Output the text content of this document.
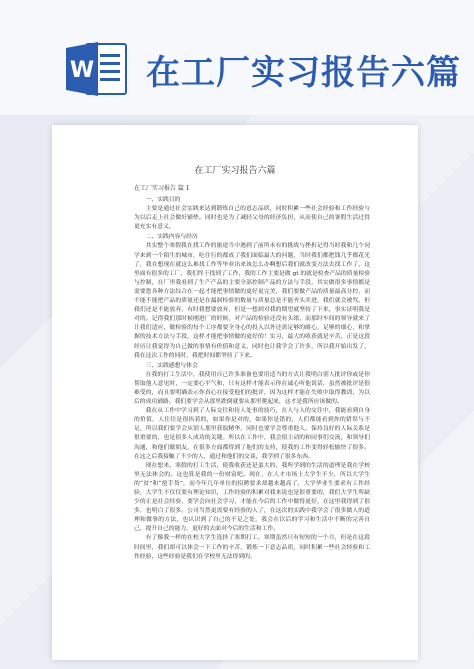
W 在工厂实习报告六篇
在工厂实习报告六篇
在工厂实习报告 篇 1

一、实践目的

主要是通过社会实践来达到锻炼自己的意志品质，同时积累一些社会经验和工作经验与为以后走上社会做好铺垫。同时也是为了减轻父母的经济负担，从而使自己的暑假生活过得更充实有意义。

二、实践内容与经历

其实整个寒假我在找工作的旅途当中遇到了前所未有的挑战与挫折记得当时我和几个同学来到一个陌生的城市，吃住行的都成了我们面临最大的问题，当时我们都把钱几乎都花光了，我在想现在就这么难找工作等毕业出来该怎么办啊想后我们就改变方法去找工作了，这里面有很多的工厂，我们终于找到了工作，我的工作主要是做 gt 的就是检查产品的质量检验与控制，在厂里我看到了生产产品的主要全部控制产品的方法与手段，其实做很多事情都是需要您各种方法综合在一起才能把事情做的更好更完美，我们要做产品的质量最高分控，而不能不能把产品的质量还是在漏洞检验的数量与质量总是不能齐头并进，我们就会被骂，但我们还是不能放弃，有时我想要放弃，但是一想到对我的期望就坚持了下来，事实证明我是对的。记得我们那时候刚进厂的时候，对产品的检验还没有头绪，而那时车间的领导就来了让我们适应，做检验的每个工序都要全身心的投入以外还需足够的耐心，足够的细心，和掌握的技术方法与手段，这样才能把事情做的更好的！实习，最大的收获就是辛苦，正是这段经历让我觉得为自己做的事情有价值和意义，同时也让我学会了许多，所以我开始出发了，我在这次工作的同时，我把时间都坚持了下来。

三、实践感想与体会

在我的打工生活中，我使用自己许多准备也要用适当的方式让我明白别人批评你或是你帮取他人意见时，一定要心平气和，只有这样才能表示你在诚心听他说话，虽然被批评是很难受的，而且要明确表示你真心在接受他们的批评，因为这样才能在失败中取得教训，为以后的成功铺路。我们要学会从那里跌倒就要从那里爬起来，这才是我所应该做的。

我在从工作中学习到了人际交往和待人处事的技巧，在人与人的交往中，我能看到自身的价值，人往往是很执着的，如果你是对的，如果你是错的，人们都能看到你的错误与不足，所以我们要学会从别人那里获取精华，同时也要学会尊重他人，保持良好的人际关系是很重要的，也是很多人成功的关键。所以在工作中，我会很主动的和同事们交流，和领导们沟通，和他们做朋友，在很多方面都得到了他们的支持，使我的工作变得轻松愉快了很多。在这之后我接触了不少的人，通过和他们的交谈，我学到了很多东西。

现在想来，寒假的打工生活，使我收获还是蛮大的，我所学到的生活的道理是我在学校里无法体会的。这也算是我的一份财富吧。现在，在人才市场上大学生不少，所以大学生的“贫”和“抢手货”，而今年几年单位的招聘要求却越来越高了，大学毕业生要求有工作经验，大学生不仅仅要有理论知识，工作经验的积累对我来说也是很重要的，我们大学生所缺少的正是社会经验，要学会向社会学习，才能在今后的工作中做得更好，在这里我得到了很多，也明白了很多。公司当然更需要有经验的人了，在这次的实践中我学会了很多做人的道理和做事的方法，也认识到了自己的不足之处，我会在以后的学习和生活中不断的完善自己，提升自己的能力，更好的去面对今后的生活和工作。

有了像我一样的在校大学生选择了寒期打工，寒期虽然只有短短的一个月，但是在这段时间里，我们却可以体会一下工作的辛苦，锻炼一下意志品质，同时积累一些社会经验和工作经验，这些经验是我们在学校里无法得到的。
